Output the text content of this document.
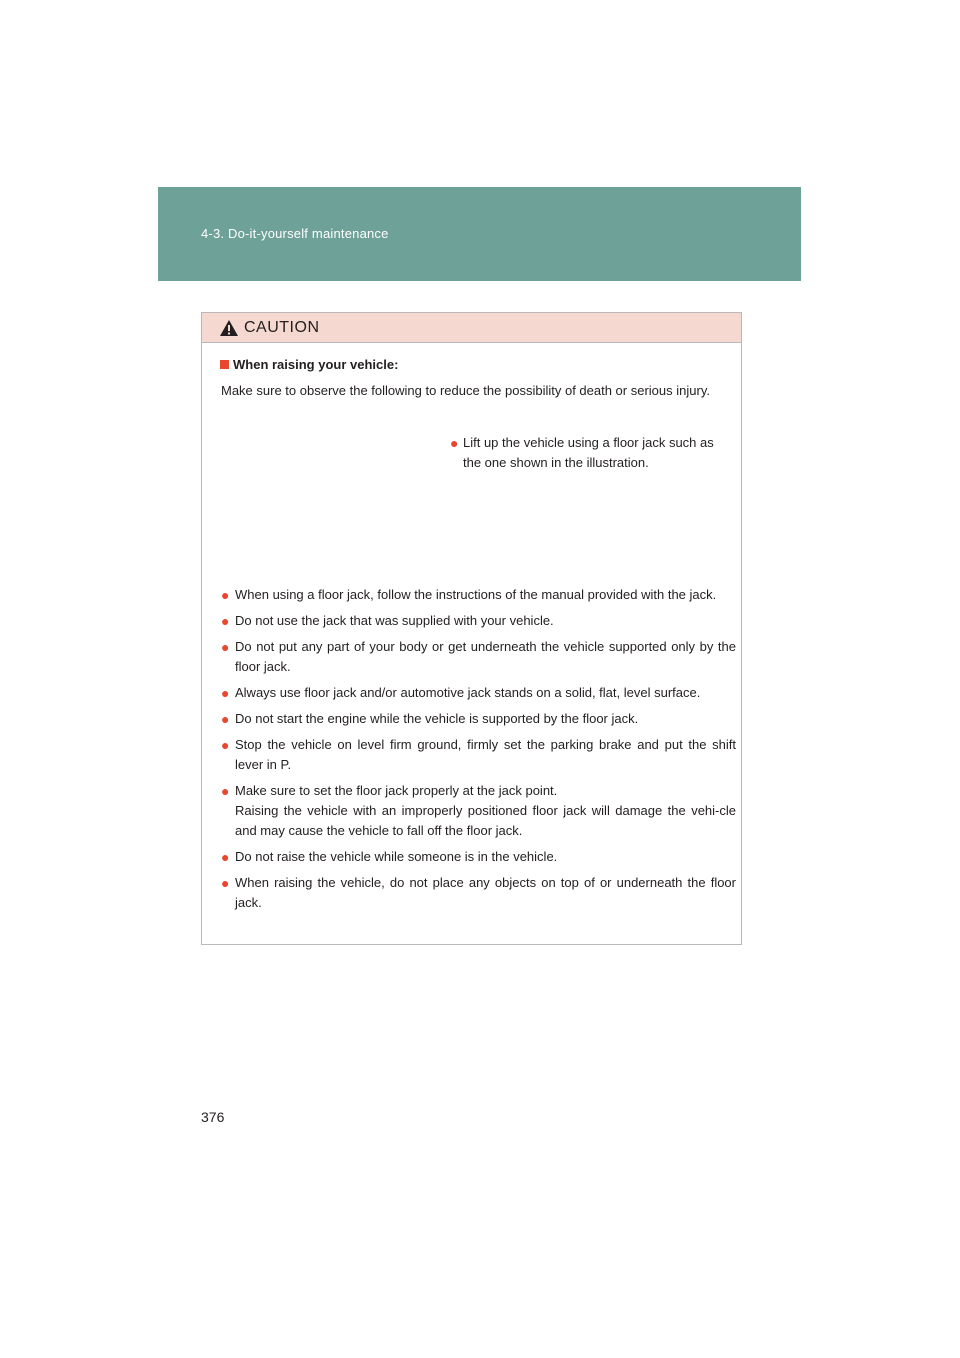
4-3. Do-it-yourself maintenance
CAUTION
When raising your vehicle:
Make sure to observe the following to reduce the possibility of death or serious injury.
● Lift up the vehicle using a floor jack such as the one shown in the illustration.
● When using a floor jack, follow the instructions of the manual provided with the jack.
● Do not use the jack that was supplied with your vehicle.
● Do not put any part of your body or get underneath the vehicle supported only by the floor jack.
● Always use floor jack and/or automotive jack stands on a solid, flat, level surface.
● Do not start the engine while the vehicle is supported by the floor jack.
● Stop the vehicle on level firm ground, firmly set the parking brake and put the shift lever in P.
● Make sure to set the floor jack properly at the jack point.
Raising the vehicle with an improperly positioned floor jack will damage the vehi-cle and may cause the vehicle to fall off the floor jack.
● Do not raise the vehicle while someone is in the vehicle.
● When raising the vehicle, do not place any objects on top of or underneath the floor jack.
376
